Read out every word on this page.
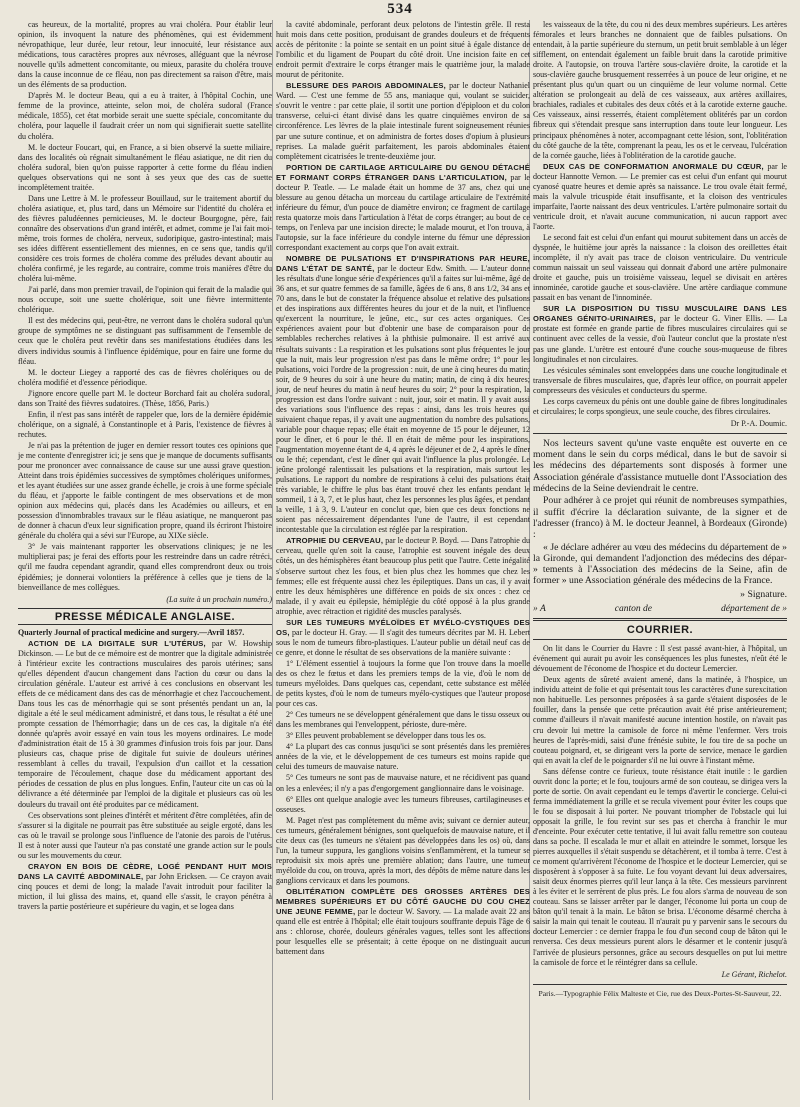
534

cas heureux, de la mortalité, propres au vrai choléra. Pour établir leur opinion, ils invoquent la nature des phénomènes, qui est évidemment névropathique, leur durée, leur retour, leur innocuité, leur résistance aux médications, tous caractères propres aux névroses, alléguant que la névrose nouvelle qu'ils admettent concomitante, ou mieux, parasite du choléra trouve dans la cause inconnue de ce fléau, non pas directement sa raison d'être, mais un des éléments de sa production.

D'après M. le docteur Beau, qui a eu à traiter, à l'hôpital Cochin, une femme de la province, atteinte, selon moi, de choléra sudoral (France médicale, 1855), cet état morbide serait une suette spéciale, concomitante du choléra, pour laquelle il faudrait créer un nom qui signifierait suette satellite du choléra.

M. le docteur Foucart, qui, en France, a si bien observé la suette miliaire, dans des localités où régnait simultanément le fléau asiatique, ne dit rien du choléra sudoral, bien qu'on puisse rapporter à cette forme du fléau indien quelques observations qui ne sont à ses yeux que des cas de suette incomplètement traitée.

Dans une Lettre à M. le professeur Bouillaud, sur le traitement abortif du choléra asiatique, et, plus tard, dans un Mémoire sur l'identité du choléra et des fièvres paludéennes pernicieuses, M. le docteur Bourgogne, père, fait connaître des observations d'un grand intérêt, et admet, comme je l'ai fait moi-même, trois formes de choléra, nerveux, sudoripique, gastro-intestinal; mais ses idées diffèrent essentiellement des miennes, en ce sens que, tandis qu'il considère ces trois formes de choléra comme des préludes devant aboutir au choléra confirmé, je les regarde, au contraire, comme trois manières d'être du choléra lui-même.

J'ai parlé, dans mon premier travail, de l'opinion qui ferait de la maladie qui nous occupe, soit une suette cholérique, soit une fièvre intermittente cholérique.

Il est des médecins qui, peut-être, ne verront dans le choléra sudoral qu'un groupe de symptômes ne se distinguant pas suffisamment de l'ensemble de ceux que le choléra peut revêtir dans ses manifestations étudiées dans les divers individus soumis à l'influence épidémique, pour en faire une forme du fléau.

M. le docteur Liegey a rapporté des cas de fièvres cholériques ou de choléra modifié et d'essence périodique.

J'ignore encore quelle part M. le docteur Borchard fait au choléra sudoral, dans son Traité des fièvres sudatoires. (Thèse, 1856, Paris.)

Enfin, il n'est pas sans intérêt de rappeler que, lors de la dernière épidémie cholérique, on a signalé, à Constantinople et à Paris, l'existence de fièvres à rechutes.

Je n'ai pas la prétention de juger en dernier ressort toutes ces opinions que je me contente d'enregistrer ici; je sens que je manque de documents suffisants pour me prononcer avec connaissance de cause sur une aussi grave question. Atteint dans trois épidémies successives de symptômes cholériques uniformes, et les ayant étudiées sur une assez grande échelle, je crois à une forme spéciale du fléau, et j'apporte le faible contingent de mes observations et de mon opinion aux médecins qui, placés dans les Académies ou ailleurs, et en possession d'innombrables travaux sur le fléau asiatique, ne manqueront pas de donner à chacun d'eux leur signification propre, quand ils écriront l'histoire générale du choléra qui a sévi sur l'Europe, au XIXe siècle.

3° Je vais maintenant rapporter les observations cliniques; je ne les multiplierai pas; je ferai des efforts pour les restreindre dans un cadre rétréci, qu'il me faudra cependant agrandir, quand elles comprendront deux ou trois épidémies; je donnerai volontiers la préférence à celles que je tiens de la bienveillance de mes collègues.

(La suite à un prochain numéro.)

PRESSE MÉDICALE ANGLAISE.

Quarterly Journal of practical medicine and surgery.—Avril 1857.

ACTION DE LA DIGITALE SUR L'UTÉRUS, par W. Howship Dickinson. — Le but de ce mémoire est de montrer que la digitale administrée à l'intérieur excite les contractions musculaires des parois utérines; sans qu'elles dépendent d'aucun changement dans l'action du cœur ou dans la circulation générale. L'auteur est arrivé à ces conclusions en observant les effets de ce médicament dans des cas de ménorrhagie et chez l'accouchement. Dans tous les cas de ménorrhagie qui se sont présentés pendant un an, la digitale a été le seul médicament administré, et dans tous, le résultat a été une prompte cessation de l'hémorrhagie; dans un de ces cas, la digitale n'a été donnée qu'après avoir essayé en vain tous les moyens ordinaires. Le mode d'administration était de 15 à 30 grammes d'infusion trois fois par jour. Dans plusieurs cas, chaque prise de digitale fut suivie de douleurs utérines ressemblant à celles du travail, l'expulsion d'un caillot et la cessation temporaire de l'écoulement, chaque dose du médicament apportant des périodes de cessation de plus en plus longues. Enfin, l'auteur cite un cas où la délivrance a été déterminée par l'emploi de la digitale et plusieurs cas où les douleurs du travail ont été produites par ce médicament.

Ces observations sont pleines d'intérêt et méritent d'être complétées, afin de s'assurer si la digitale ne pourrait pas être substituée au seigle ergoté, dans les cas où le travail se prolonge sous l'influence de l'atonie des parois de l'utérus. Il est à noter aussi que l'auteur n'a pas constaté une grande action sur le pouls ou sur les mouvements du cœur.

CRAYON EN BOIS DE CÈDRE, LOGÉ PENDANT HUIT MOIS DANS LA CAVITÉ ABDOMINALE, par John Ericksen. — Ce crayon avait cinq pouces et demi de long; la malade l'avait introduit pour faciliter la miction, il lui glissa des mains, et, quand elle s'assit, le crayon pénétra à travers la partie postérieure et supérieure du vagin, et se logea dans

la cavité abdominale, perforant deux pelotons de l'intestin grêle. Il resta huit mois dans cette position, produisant de grandes douleurs et de fréquents accès de péritonite : la pointe se sentait en un point situé à égale distance de l'ombilic et du ligament de Poupart du côté droit. Une incision faite en cet endroit permit d'extraire le corps étranger mais le quatrième jour, la malade mourut de péritonite.

BLESSURE DES PAROIS ABDOMINALES, par le docteur Nathaniel Ward. — C'est une femme de 55 ans, maniaque qui, voulant se suicider, s'ouvrit le ventre : par cette plaie, il sortit une portion d'épiploon et du colon transverse, celui-ci étant divisé dans les quatre cinquièmes environ de sa circonférence. Les lèvres de la plaie intestinale furent soigneusement réunies par une suture continue, et on administra de fortes doses d'opium à plusieurs reprises. La malade guérit parfaitement, les parois abdominales étaient complètement cicatrisées le trente-deuxième jour.

PORTION DE CARTILAGE ARTICULAIRE DU GENOU DÉTACHÉ ET FORMANT CORPS ÉTRANGER DANS L'ARTICULATION, par le docteur P. Teatle. — Le malade était un homme de 37 ans, chez qui une blessure au genou détacha un morceau du cartilage articulaire de l'extrémité inférieure du fémur, d'un pouce de diamètre environ; ce fragment de cartilage resta quatorze mois dans l'articulation à l'état de corps étranger; au bout de ce temps, on l'enleva par une incision directe; le malade mourut, et l'on trouva, à l'autopsie, sur la face inférieure du condyle interne du fémur une dépression correspondant exactement au corps que l'on avait extrait.

NOMBRE DE PULSATIONS ET D'INSPIRATIONS PAR HEURE, DANS L'ÉTAT DE SANTÉ, par le docteur Edw. Smith. — L'auteur donne les résultats d'une longue série d'expériences qu'il a faites sur lui-même, âgé de 36 ans, et sur quatre femmes de sa famille, âgées de 6 ans, 8 ans 1/2, 34 ans et 70 ans, dans le but de constater la fréquence absolue et relative des pulsations et des inspirations aux différentes heures du jour et de la nuit, et l'influence qu'exercent la nourriture, le jeûne, etc., sur ces actes organiques. Ces expériences avaient pour but d'obtenir une base de comparaison pour de semblables recherches relatives à la phthisie pulmonaire. Il est arrivé aux résultats suivants : La respiration et les pulsations sont plus fréquentes le jour que la nuit, mais leur progression n'est pas dans le même ordre; 1° pour les pulsations, voici l'ordre de la progression : nuit, de une à cinq heures du matin; soir, de 9 heures du soir à une heure du matin; matin, de cinq à dix heures; jour, de neuf heures du matin à neuf heures du soir; 2° pour la respiration, la progression est dans l'ordre suivant : nuit, jour, soir et matin. Il y avait aussi des variations sous l'influence des repas : ainsi, dans les trois heures qui suivaient chaque repas, il y avait une augmentation du nombre des pulsations, variable pour chaque repas; elle était en moyenne de 15 pour le déjeuner, 12 pour le dîner, et 6 pour le thé. Il en était de même pour les inspirations, l'augmentation moyenne étant de 4, 4 après le déjeuner et de 2, 4 après le dîner ou le thé; cependant, c'est le dîner qui avait l'influence la plus prolongée. Le jeûne prolongé ralentissait les pulsations et la respiration, mais surtout les pulsations. Le rapport du nombre de respirations à celui des pulsations était très variable, le chiffre le plus bas étant trouvé chez les enfants pendant le sommeil, 1 à 3, 7, et le plus haut, chez les personnes les plus âgées, et pendant la veille, 1 à 3, 9. L'auteur en conclut que, bien que ces deux fonctions ne soient pas nécessairement dépendantes l'une de l'autre, il est cependant incontestable que la circulation est réglée par la respiration.

ATROPHIE DU CERVEAU, par le docteur P. Boyd. — Dans l'atrophie du cerveau, quelle qu'en soit la cause, l'atrophie est souvent inégale des deux côtés, un des hémisphères étant beaucoup plus petit que l'autre. Cette inégalité s'observe surtout chez les fous, et bien plus chez les hommes que chez les femmes; elle est fréquente aussi chez les épileptiques. Dans un cas, il y avait entre les deux hémisphères une différence en poids de six onces : chez ce malade, il y avait eu épilepsie, hémiplégie du côté opposé à la plus grande atrophie, avec rétraction et rigidité des muscles paralysés.

SUR LES TUMEURS MYÉLOÏDES ET MYÉLO-CYSTIQUES DES OS, par le docteur H. Gray. — Il s'agit des tumeurs décrites par M. H. Lebert sous le nom de tumeurs fibro-plastiques. L'auteur publie un détail neuf cas de ce genre, et donne le résultat de ses observations de la manière suivante :

1° L'élément essentiel à toujours la forme que l'on trouve dans la moelle des os chez le fœtus et dans les premiers temps de la vie, d'où le nom de tumeurs myéloïdes. Dans quelques cas, cependant, cette substance est mêlée de petits kystes, d'où le nom de tumeurs myélo-cystiques que l'auteur propose pour ces cas.

2° Ces tumeurs ne se développent généralement que dans le tissu osseux ou dans les membranes qui l'enveloppent, périoste, dure-mère.

3° Elles peuvent probablement se développer dans tous les os.

4° La plupart des cas connus jusqu'ici se sont présentés dans les premières années de la vie, et le développement de ces tumeurs est moins rapide que celui des tumeurs de mauvaise nature.

5° Ces tumeurs ne sont pas de mauvaise nature, et ne récidivent pas quand on les a enlevées; il n'y a pas d'engorgement ganglionnaire dans le voisinage.

6° Elles ont quelque analogie avec les tumeurs fibreuses, cartilagineuses et osseuses.

M. Paget n'est pas complètement du même avis; suivant ce dernier auteur, ces tumeurs, généralement bénignes, sont quelquefois de mauvaise nature, et il cite deux cas (les tumeurs ne s'étaient pas développées dans les os) où, dans l'un, la tumeur suppura, les ganglions voisins s'enflammèrent, et la tumeur se reproduisit six mois après une première ablation; dans l'autre, une tumeur myéloïde du cou, on trouva, après la mort, des dépôts de même nature dans les ganglions cervicaux et dans les poumons.

OBLITÉRATION COMPLÈTE DES GROSSES ARTÈRES DES MEMBRES SUPÉRIEURS ET DU CÔTÉ GAUCHE DU COU CHEZ UNE JEUNE FEMME, par le docteur W. Savory. — La malade avait 22 ans quand elle est entrée à l'hôpital; elle était toujours souffrante depuis l'âge de 6 ans : chlorose, chorée, douleurs générales vagues, telles sont les affections pour lesquelles elle se présentait; à cette époque on ne distinguait aucun battement dans

les vaisseaux de la tête, du cou ni des deux membres supérieurs. Les artères fémorales et leurs branches ne donnaient que de faibles pulsations. On entendait, à la partie supérieure du sternum, un petit bruit semblable à un léger sifflement, on entendait également un faible bruit dans la carotide primitive droite. A l'autopsie, on trouva l'artère sous-clavière droite, la carotide et la sous-clavière gauche brusquement resserrées à un pouce de leur origine, et ne présentant plus qu'un quart ou un cinquième de leur volume normal. Cette altération se prolongeait au delà de ces vaisseaux, aux artères axillaires, brachiales, radiales et cubitales des deux côtés et à la carotide externe gauche. Ces vaisseaux, ainsi resserrés, étaient complètement oblitérés par un cordon fibreux qui s'étendait presque sans interruption dans toute leur longueur. Les principaux phénomènes à noter, accompagnant cette lésion, sont, l'oblitération du côté gauche de la tête, comprenant la peau, les os et le cerveau, l'ulcération de la cornée gauche, liées à l'oblitération de la carotide gauche.

DEUX CAS DE CONFORMATION ANORMALE DU CŒUR, par le docteur Hannotte Vernon. — Le premier cas est celui d'un enfant qui mourut cyanosé quatre heures et demie après sa naissance. Le trou ovale était fermé, mais la valvule tricuspide était insuffisante, et la cloison des ventricules imparfaite, l'aorte naissant des deux ventricules. L'artère pulmonaire sortait du ventricule droit, et n'avait aucune communication, ni aucun rapport avec l'aorte.

Le second fait est celui d'un enfant qui mourut subitement dans un accès de dyspnée, le huitième jour après la naissance : la cloison des oreillettes était incomplète, il n'y avait pas trace de cloison ventriculaire. Du ventricule commun naissait un seul vaisseau qui donnait d'abord une artère pulmonaire droite et gauche, puis un troisième vaisseau, lequel se divisait en artères innominée, carotide gauche et sous-clavière. Une artère cardiaque commune passait en bas venant de l'innominée.

SUR LA DISPOSITION DU TISSU MUSCULAIRE DANS LES ORGANES GÉNITO-URINAIRES, par le docteur G. Viner Ellis. — La prostate est formée en grande partie de fibres musculaires circulaires qui se continuent avec celles de la vessie, d'où l'auteur conclut que la prostate n'est pas une glande. L'urètre est entouré d'une couche sous-muqueuse de fibres longitudinales et non circulaires.

Les vésicules séminales sont enveloppées dans une couche longitudinale et transversale de fibres musculaires, que, d'après leur office, on pourrait appeler compresseurs des vésicules et conducteurs du sperme.

Les corps caverneux du pénis ont une double gaine de fibres longitudinales et circulaires; le corps spongieux, une seule couche, des fibres circulaires.

Dr P.-A. Doumic.

Nos lecteurs savent qu'une vaste enquête est ouverte en ce moment dans le sein du corps médical, dans le but de savoir si les médecins des départements sont disposés à former une Association générale d'assistance mutuelle dont l'Association des médecins de la Seine deviendrait le centre.

Pour adhérer à ce projet qui réunit de nombreuses sympathies, il suffit d'écrire la déclaration suivante, de la signer et de l'adresser (franco) à M. le docteur Jeannel, à Bordeaux (Gironde) :

« Je déclare adhérer au vœu des médecins du département de » la Gironde, qui demandent l'adjonction des médecins des dépar- » tements à l'Association des médecins de la Seine, afin de former » une Association générale des médecins de la France.

» Signature.

» A	canton de	département de »
COURRIER.

On lit dans le Courrier du Havre : Il s'est passé avant-hier, à l'hôpital, un événement qui aurait pu avoir les conséquences les plus funestes, n'eût été le dévouement de l'économe de l'hospice et du docteur Lemercier.

Deux agents de sûreté avaient amené, dans la matinée, à l'hospice, un individu atteint de folie et qui présentait tous les caractères d'une surexcitation non habituelle. Les personnes préposées à sa garde s'étaient disposées de le fouiller, dans la pensée que cette précaution avait été prise antérieurement; comme d'ailleurs il n'avait manifesté aucune intention hostile, on n'avait pas cru devoir lui mettre la camisole de force ni même l'enfermer. Vers trois heures de l'après-midi, saisi d'une frénésie subite, le fou tire de sa poche un couteau poignard, et, se dirigeant vers la porte de service, menace le gardien qui en avait la clef de le poignarder s'il ne lui ouvre à l'instant même.

Sans défense contre ce furieux, toute résistance était inutile : le gardien ouvrit donc la porte; et le fou, toujours armé de son couteau, se dirigea vers la porte de sortie. On avait cependant eu le temps d'avertir le concierge. Celui-ci ferma immédiatement la grille et se recula vivement pour éviter les coups que le fou se disposait à lui porter. Ne pouvant triompher de l'obstacle qui lui opposait la grille, le fou revint sur ses pas et chercha à franchir le mur d'enceinte. Pour exécuter cette tentative, il lui avait fallu remettre son couteau dans sa poche. Il escalada le mur et allait en atteindre le sommet, lorsque les pierres auxquelles il s'était suspendu se détachèrent, et il tomba à terre. C'est à ce moment qu'arrivèrent l'économe de l'hospice et le docteur Lemercier, qui se disposèrent à s'opposer à sa fuite. Le fou voyant devant lui deux adversaires, saisit deux énormes pierres qu'il leur lança à la tête. Ces messieurs parvinrent à les éviter et le serrèrent de plus près. Le fou alors s'arma de nouveau de son couteau. Sans se laisser arrêter par le danger, l'économe lui porta un coup de bâton qu'il tenait à la main. Le bâton se brisa. L'économe désarmé chercha à saisir la main qui tenait le couteau. Il n'aurait pu y parvenir sans le secours du docteur Lemercier : ce dernier frappa le fou d'un second coup de bâton qui le renversa. Ces deux messieurs purent alors le désarmer et le contenir jusqu'à l'arrivée de plusieurs personnes, grâce au secours desquelles on put lui mettre la camisole de force et le réintégrer dans sa cellule.

Le Gérant, Richelot.
Paris.—Typographie Félix Malteste et Cie, rue des Deux-Portes-St-Sauveur, 22.
